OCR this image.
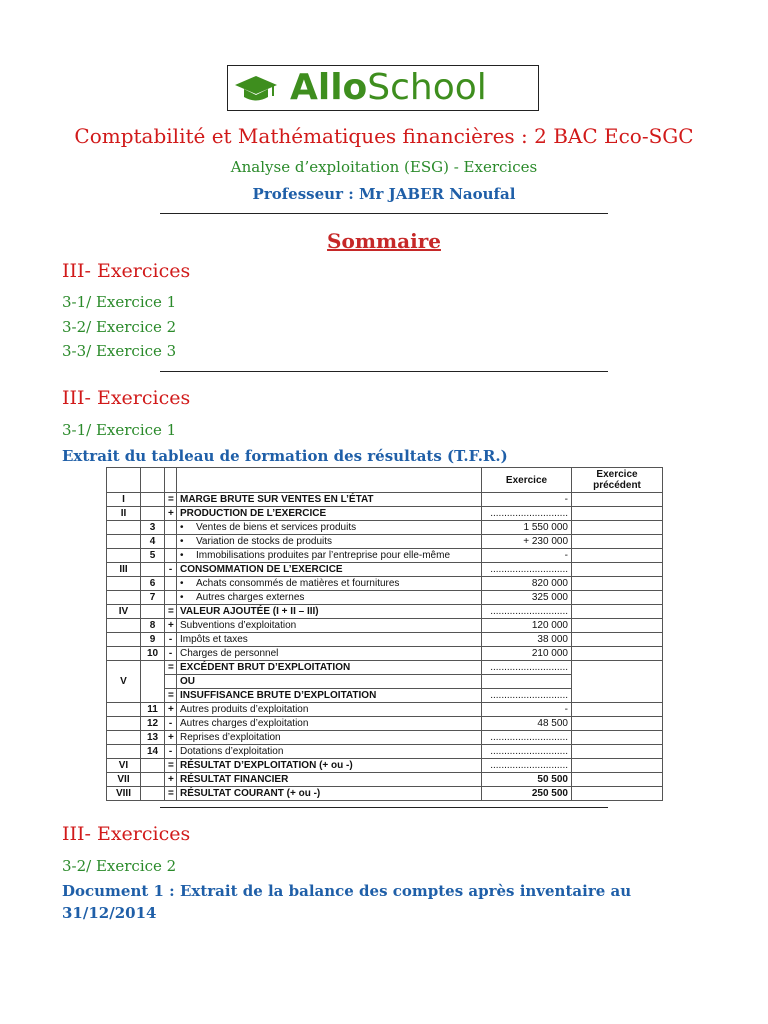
AlloSchool
Comptabilité et Mathématiques financières : 2 BAC Eco-SGC
Analyse d’exploitation (ESG) - Exercices
Professeur : Mr JABER Naoufal
Sommaire
III- Exercices
3-1/ Exercice 1
3-2/ Exercice 2
3-3/ Exercice 3
III- Exercices
3-1/ Exercice 1
Extrait du tableau de formation des résultats (T.F.R.)
				Exercice	Exercice précédent
I		=	MARGE BRUTE SUR VENTES EN L’ÉTAT	-	
II		+	PRODUCTION DE L’EXERCICE	............................	
	3		• Ventes de biens et services produits	1 550 000	
	4		• Variation de stocks de produits	+ 230 000	
	5		• Immobilisations produites par l’entreprise pour elle-même	-	
III		-	CONSOMMATION DE L’EXERCICE	............................	
	6		• Achats consommés de matières et fournitures	820 000	
	7		• Autres charges externes	325 000	
IV		=	VALEUR AJOUTÉE (I + II – III)	............................	
	8	+	Subventions d’exploitation	120 000	
	9	-	Impôts et taxes	38 000	
	10	-	Charges de personnel	210 000	
V		=	EXCÉDENT BRUT D’EXPLOITATION	............................	
			OU		
		=	INSUFFISANCE BRUTE D’EXPLOITATION	............................	
	11	+	Autres produits d’exploitation	-	
	12	-	Autres charges d’exploitation	48 500	
	13	+	Reprises d’exploitation	............................	
	14	-	Dotations d’exploitation	............................	
VI		=	RÉSULTAT D’EXPLOITATION (+ ou -)	............................	
VII		+	RÉSULTAT FINANCIER	50 500	
VIII		=	RÉSULTAT COURANT (+ ou -)	250 500	
III- Exercices
3-2/ Exercice 2
Document 1 : Extrait de la balance des comptes après inventaire au
31/12/2014
